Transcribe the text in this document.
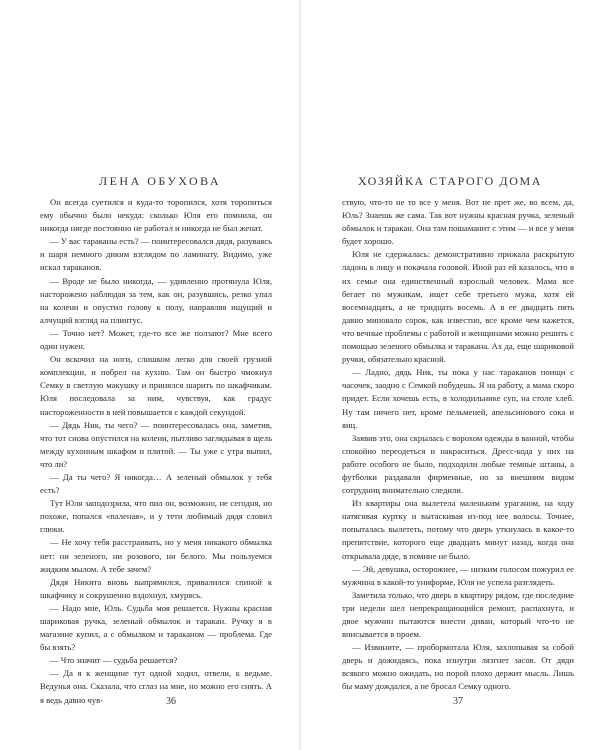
ЛЕНА ОБУХОВА

Он всегда суетился и куда-то торопился, хотя торопиться ему обычно было некуда: сколько Юля его помнила, он никогда нигде постоянно не работал и никогда не был женат.

— У вас тараканы есть? — поинтересовался дядя, разуваясь и шаря немного диким взглядом по ламинату. Видимо, уже искал тараканов.

— Вроде не было никогда, — удивленно протянула Юля, насторожено наблюдая за тем, как он, разувшись, резко упал на колени и опустил голову к полу, направляя ищущий и алчущий взгляд на плинтус.

— Точно нет? Может, где-то все же ползают? Мне всего один нужен.

Он вскочил на ноги, слишком легко для своей грузной комплекции, и побрел на кухню. Там он быстро чмокнул Семку в светлую макушку и принялся шарить по шкафчикам. Юля последовала за ним, чувствуя, как градус настороженности в ней повышается с каждой секундой.

— Дядь Ник, ты чего? — поинтересовалась она, заметив, что тот снова опустился на колени, пытливо заглядывая в щель между кухонным шкафом и плитой. — Ты уже с утра выпил, что ли?

— Да ты чего? Я никогда… А зеленый обмылок у тебя есть?

Тут Юля заподозрила, что пил он, возможно, не сегодня, но похоже, попался «паленая», и у тети любимый дядя словил глюки.

— Не хочу тебя расстраивать, но у меня никакого обмылка нет: ни зеленого, ни розового, ни белого. Мы пользуемся жидким мылом. А тебе зачем?

Дядя Никита вновь выпрямился, привалился спиной к шкафчику и сокрушенно вздохнул, хмурясь.

— Надо мне, Юль. Судьба моя решается. Нужны красная шариковая ручка, зеленый обмылок и таракан. Ручку я в магазине купил, а с обмылком и тараканом — проблема. Где бы взять?

— Что значит — судьба решается?

— Да я к женщине тут одной ходил, отвели, к ведьме. Ведунья она. Сказала, что сглаз на мне, но можно его снять. А я ведь давно чув-	36
ХОЗЯЙКА СТАРОГО ДОМА

ствую, что-то не то все у меня. Вот не прет же, во всем, да, Юль? Знаешь же сама. Так вот нужны красная ручка, зеленый обмылок и таракан. Она там пошаманит с этим — и все у меня будет хорошо.

Юля не сдержалась: демонстративно прижала раскрытую ладонь к лицу и покачала головой. Иной раз ей казалось, что в их семье она единственный взрослый человек. Мама все бегает по мужикам, ищет себе третьего мужа, хотя ей восемнадцать, а не тридцать восемь. А в ее двадцать пять давно миновало сорок, как известно, все кроме чем кажется, что вечные проблемы с работой и женщинами можно решить с помощью зеленого обмылка и таракана. Ах да, еще шариковой ручки, обязательно красной.

— Ладно, дядь Ник, ты пока у нас тараканов поищи с часочек, заодно с Семкой побудешь. Я на работу, а мама скоро придет. Если хочешь есть, в холодильнике суп, на столе хлеб. Ну там ничего нет, кроме пельменей, апельсинового сока и яиц.

Заявив это, она скрылась с ворохом одежды в ванной, чтобы спокойно переодеться и накраситься. Дресс-кода у них на работе особого не было, подходили любые темные штаны, а футболки раздавали фирменные, но за внешним видом сотрудниц внимательно следили.

Из квартиры она вылетела маленьким ураганом, на ходу натягивая куртку и вытаскивая из-под нее волосы. Точнее, попыталась вылететь, потому что дверь уткнулась в какое-то препятствие, которого еще двадцать минут назад, когда она открывала дяде, в помине не было.

— Эй, девушка, осторожнее, — низким голосом пожурил ее мужчина в какой-то униформе, Юля не успела разглядеть.

Заметила только, что дверь в квартиру рядом, где последние три недели шел непрекращающийся ремонт, распахнута, и двое мужчин пытаются внести диван, который что-то не вписывается в проем.

— Извините, — пробормотала Юля, захлопывая за собой дверь и дожидаясь, пока изнутри лязгнет засов. От дяди всякого можно ожидать, но порой плохо держит мысль. Лишь бы маму дождался, а не бросал Семку одного.

37
